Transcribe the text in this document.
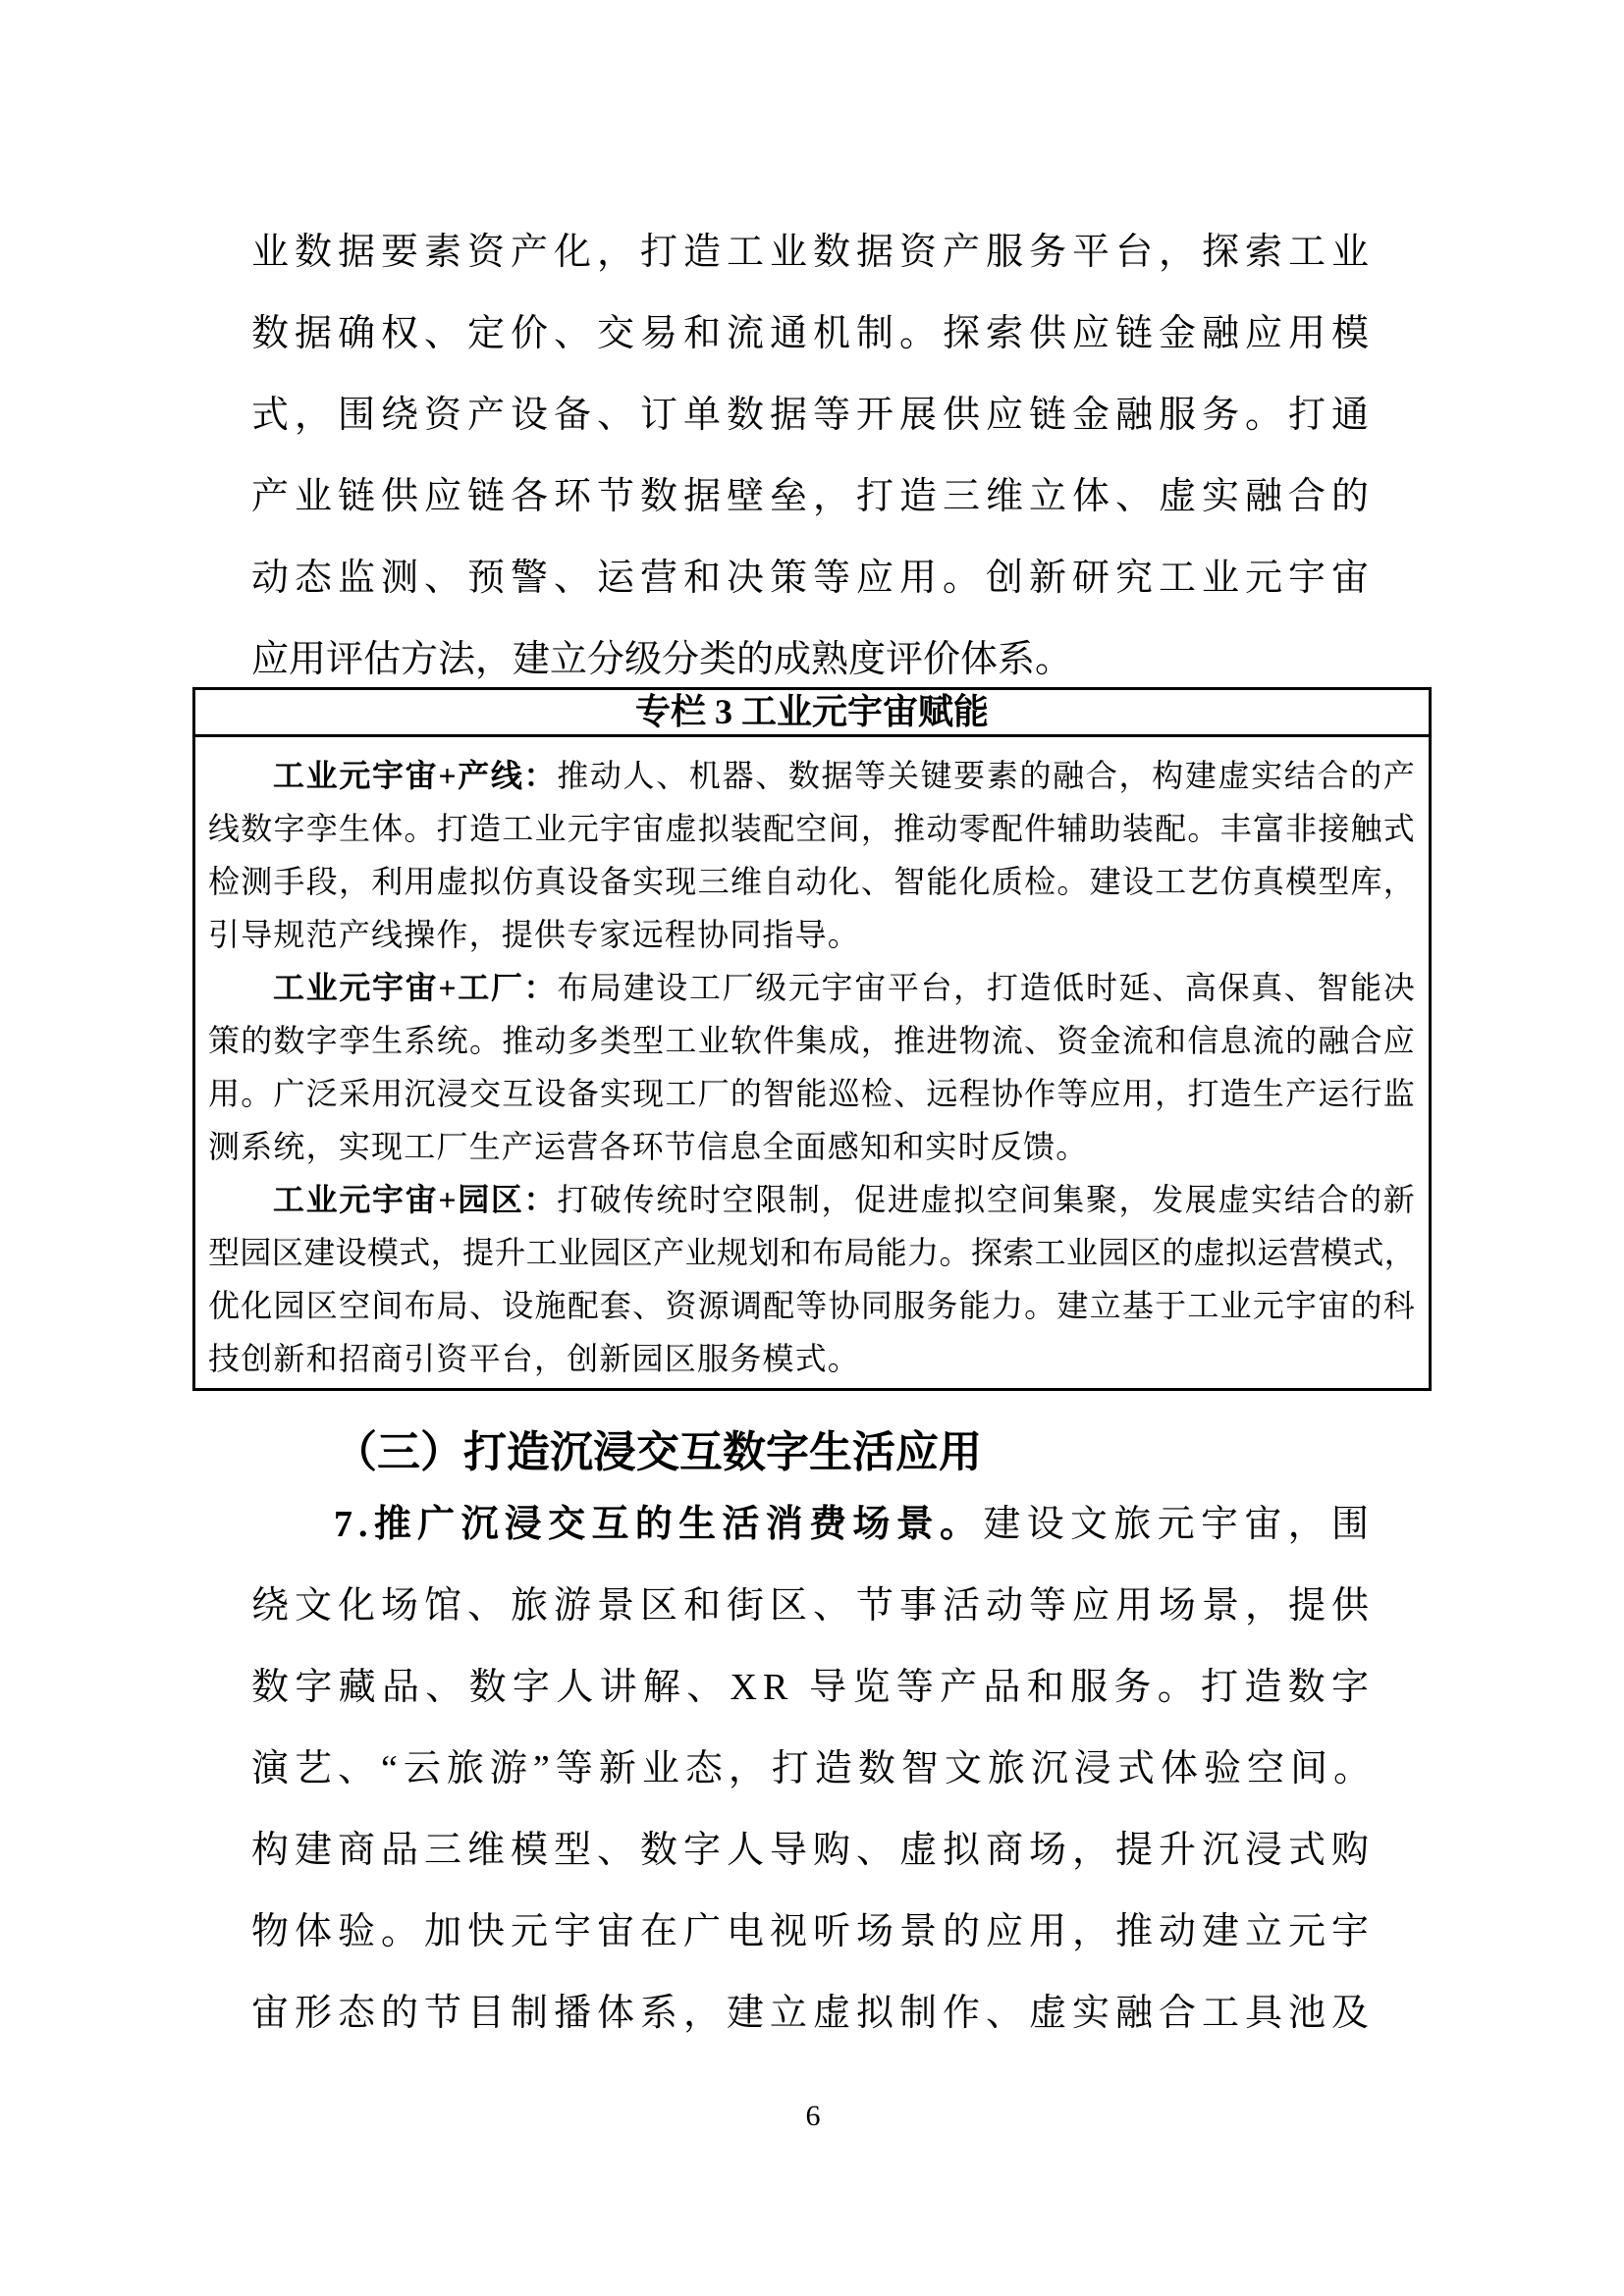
业数据要素资产化，打造工业数据资产服务平台，探索工业
数据确权、定价、交易和流通机制。探索供应链金融应用模
式，围绕资产设备、订单数据等开展供应链金融服务。打通
产业链供应链各环节数据壁垒，打造三维立体、虚实融合的
动态监测、预警、运营和决策等应用。创新研究工业元宇宙
应用评估方法，建立分级分类的成熟度评价体系。
专栏 3 工业元宇宙赋能
工业元宇宙+产线：推动人、机器、数据等关键要素的融合，构建虚实结合的产
线数字孪生体。打造工业元宇宙虚拟装配空间，推动零配件辅助装配。丰富非接触式
检测手段，利用虚拟仿真设备实现三维自动化、智能化质检。建设工艺仿真模型库，
引导规范产线操作，提供专家远程协同指导。
工业元宇宙+工厂：布局建设工厂级元宇宙平台，打造低时延、高保真、智能决
策的数字孪生系统。推动多类型工业软件集成，推进物流、资金流和信息流的融合应
用。广泛采用沉浸交互设备实现工厂的智能巡检、远程协作等应用，打造生产运行监
测系统，实现工厂生产运营各环节信息全面感知和实时反馈。
工业元宇宙+园区：打破传统时空限制，促进虚拟空间集聚，发展虚实结合的新
型园区建设模式，提升工业园区产业规划和布局能力。探索工业园区的虚拟运营模式，
优化园区空间布局、设施配套、资源调配等协同服务能力。建立基于工业元宇宙的科
技创新和招商引资平台，创新园区服务模式。
（三）打造沉浸交互数字生活应用
7.推广沉浸交互的生活消费场景。建设文旅元宇宙，围
绕文化场馆、旅游景区和街区、节事活动等应用场景，提供
数字藏品、数字人讲解、XR 导览等产品和服务。打造数字
演艺、“云旅游”等新业态，打造数智文旅沉浸式体验空间。
构建商品三维模型、数字人导购、虚拟商场，提升沉浸式购
物体验。加快元宇宙在广电视听场景的应用，推动建立元宇
宙形态的节目制播体系，建立虚拟制作、虚实融合工具池及
6
